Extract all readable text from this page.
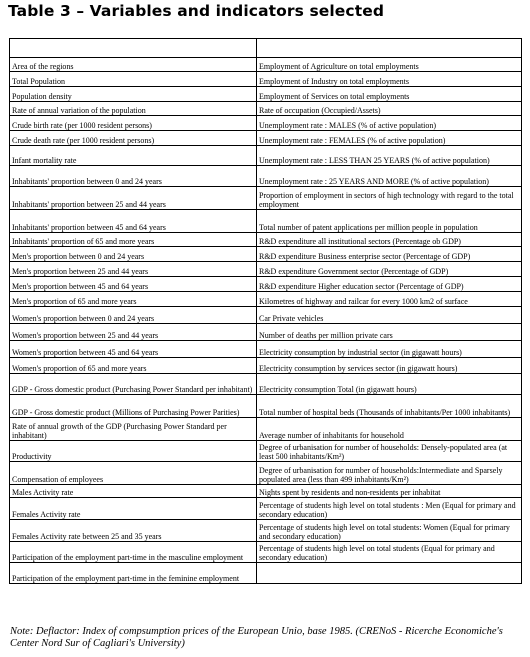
Table 3 – Variables and indicators selected

Area of the regions	Employment of Agriculture on total employments
Total Population	Employment of Industry on total employments
Population density	Employment of Services on total employments
Rate of annual variation of the population	Rate of occupation (Occupied/Assets)
Crude birth rate (per 1000 resident persons)	Unemployment rate : MALES (% of active population)
Crude death rate (per 1000 resident persons)	Unemployment rate : FEMALES (% of active population)
Infant mortality rate	Unemployment rate : LESS THAN 25 YEARS (% of active population)
Inhabitants' proportion between 0 and 24 years	Unemployment rate : 25 YEARS AND MORE (% of active population)
Inhabitants' proportion between 25 and 44 years	Proportion of employment in sectors of high technology with regard to the total employment
Inhabitants' proportion between 45 and 64 years	Total number of patent applications per million people in population
Inhabitants' proportion of 65 and more years	R&D expenditure all institutional sectors (Percentage ob GDP)
Men's proportion between 0 and 24 years	R&D expenditure Business enterprise sector (Percentage of GDP)
Men's proportion between 25 and 44 years	R&D expenditure Government sector (Percentage of GDP)
Men's proportion between 45 and 64 years	R&D expenditure Higher education sector (Percentage of GDP)
Men's proportion of 65 and more years	Kilometres of highway and railcar for every 1000 km2 of surface
Women's proportion between 0 and 24 years	Car Private vehicles
Women's proportion between 25 and 44 years	Number of deaths per million private cars
Women's proportion between 45 and 64 years	Electricity consumption by industrial sector (in gigawatt hours)
Women's proportion of 65 and more years	Electricity consumption by services sector (in gigawatt hours)
GDP - Gross domestic product (Purchasing Power Standard per inhabitant)	Electricity consumption Total (in gigawatt hours)
GDP - Gross domestic product (Millions of Purchasing Power Parities)	Total number of hospital beds (Thousands of inhabitants/Per 1000 inhabitants)
Rate of annual growth of the GDP (Purchasing Power Standard per inhabitant)	Average number of inhabitants for household
Productivity	Degree of urbanisation for number of households: Densely-populated area (at least 500 inhabitants/Km²)
Compensation of employees	Degree of urbanisation for number of households:Intermediate and Sparsely populated area (less than 499 inhabitants/Km²)
Males Activity rate	Nights spent by residents and non-residents per inhabitat
Females Activity rate	Percentage of students high level on total students : Men (Equal for primary and secondary education)
Females Activity rate between 25 and 35 years	Percentage of students high level on total students: Women (Equal for primary and secondary education)
Participation of the employment part-time in the masculine employment	Percentage of students high level on total students (Equal for primary and secondary education)
Participation of the employment part-time in the feminine employment	
Note: Deflactor: Index of compsumption prices of the European Unio, base 1985. (CRENoS - Ricerche Economiche's Center Nord Sur of Cagliari's University)
